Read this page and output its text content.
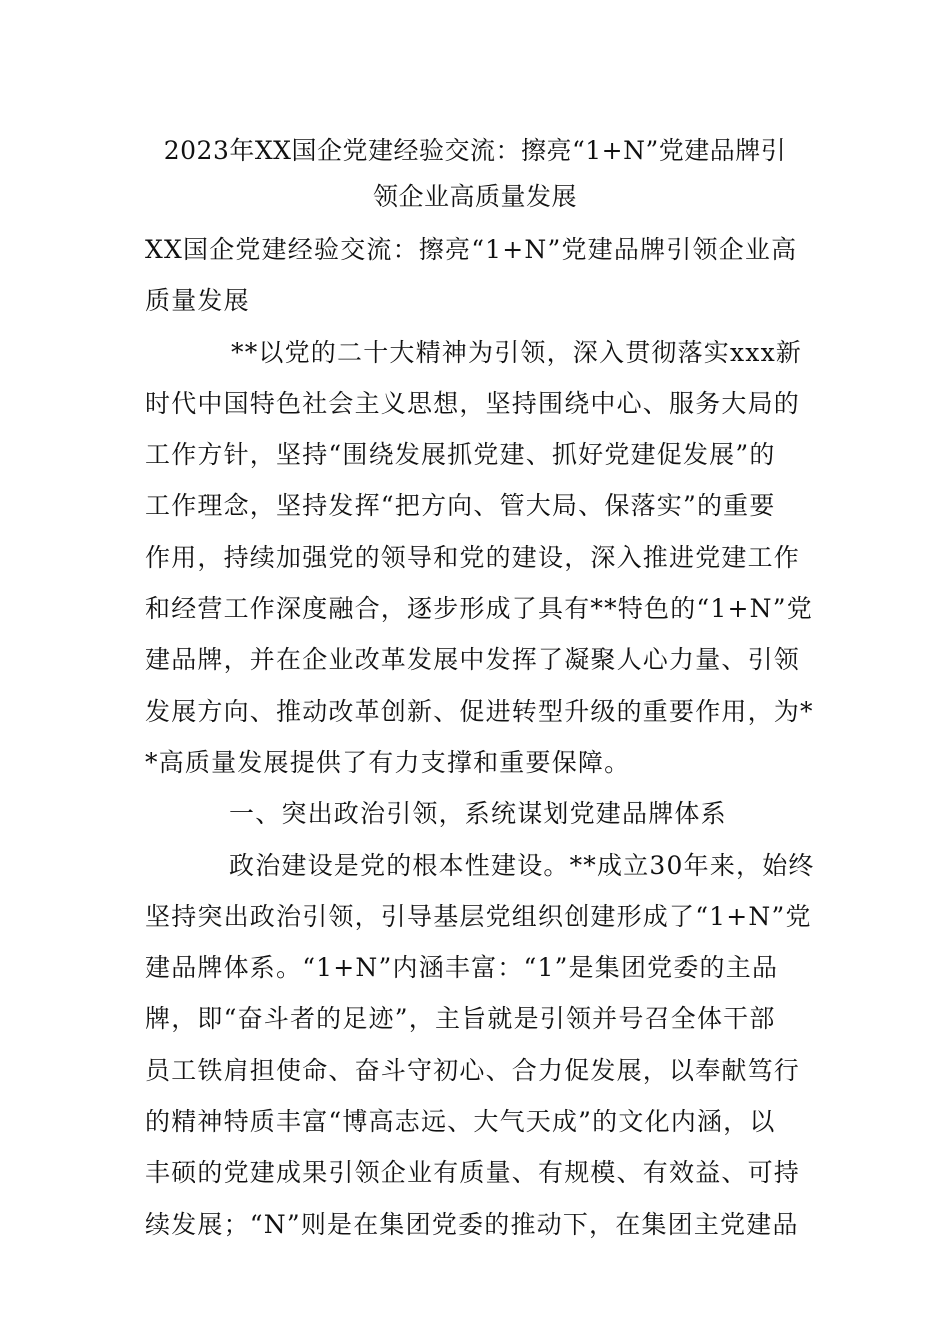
2023年XX国企党建经验交流：擦亮“1+N”党建品牌引
领企业高质量发展
XX国企党建经验交流：擦亮“1+N”党建品牌引领企业高
质量发展
**以党的二十大精神为引领，深入贯彻落实xxx新
时代中国特色社会主义思想，坚持围绕中心、服务大局的
工作方针，坚持“围绕发展抓党建、抓好党建促发展”的
工作理念，坚持发挥“把方向、管大局、保落实”的重要
作用，持续加强党的领导和党的建设，深入推进党建工作
和经营工作深度融合，逐步形成了具有**特色的“1+N”党
建品牌，并在企业改革发展中发挥了凝聚人心力量、引领
发展方向、推动改革创新、促进转型升级的重要作用，为*
*高质量发展提供了有力支撑和重要保障。
一、突出政治引领，系统谋划党建品牌体系
政治建设是党的根本性建设。**成立30年来，始终
坚持突出政治引领，引导基层党组织创建形成了“1+N”党
建品牌体系。“1+N”内涵丰富：“1”是集团党委的主品
牌，即“奋斗者的足迹”，主旨就是引领并号召全体干部
员工铁肩担使命、奋斗守初心、合力促发展，以奉献笃行
的精神特质丰富“博高志远、大气天成”的文化内涵，以
丰硕的党建成果引领企业有质量、有规模、有效益、可持
续发展；“N”则是在集团党委的推动下，在集团主党建品
